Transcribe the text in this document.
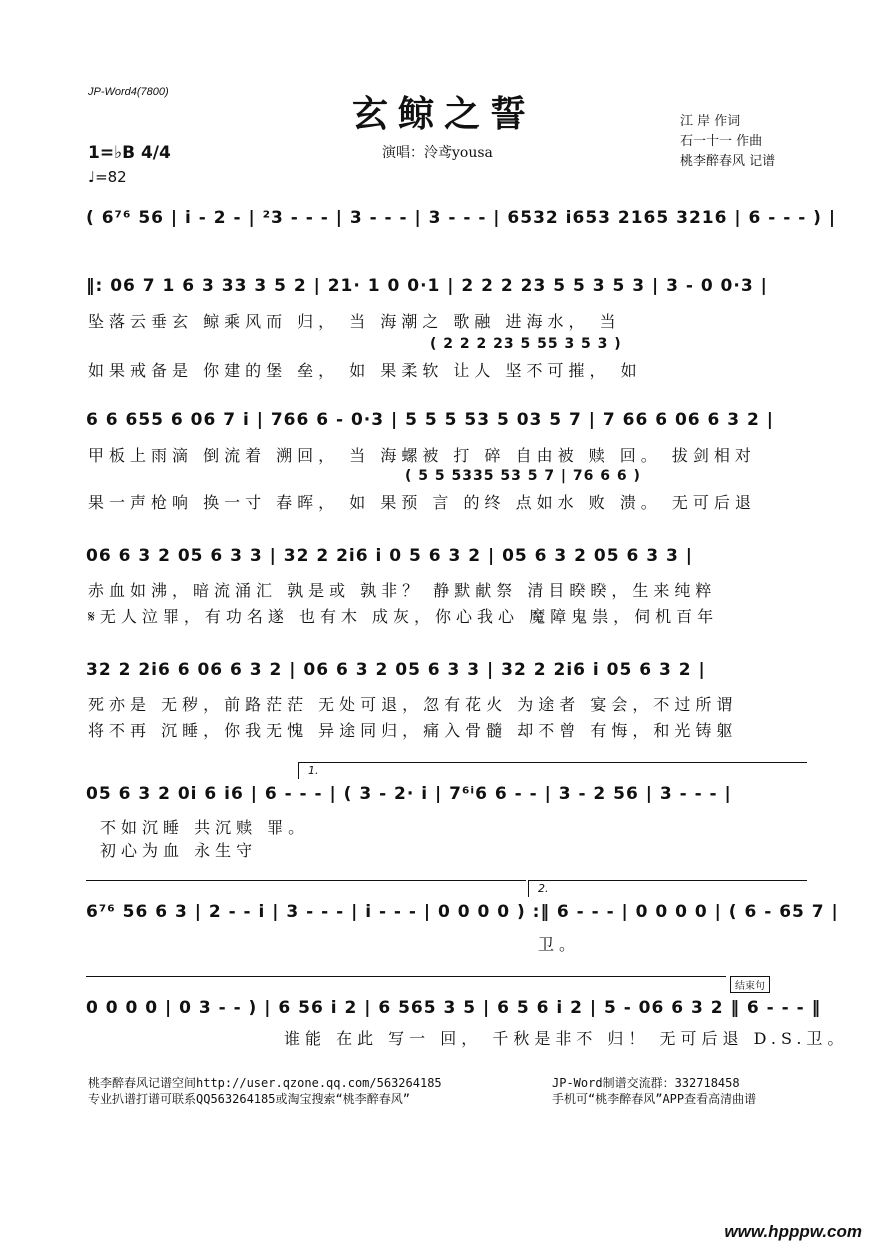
JP-Word4(7800)
玄鲸之誓
演唱：泠鸢yousa
江 岸 作词
石一十一 作曲
桃李醉春风 记谱
1=♭B 4/4
♩=82
( 6⁷⁶ 56 | i - 2 - | ²3 - - - | 3 - - - | 3 - - - | 6532 i653 2165 3216 | 6 - - - ) |
‖: 06 7 1 6 3 33 3 5 2 | 21· 1 0 0·1 | 2 2 2 23 5 5 3 5 3 | 3 - 0 0·3 |
坠落云垂玄 鲸乘风而 归， 当 海潮之 歌融 进海水， 当
( 2 2 2 23 5 55 3 5 3 )
如果戒备是 你建的堡 垒， 如 果柔软 让人 坚不可摧， 如
6 6 655 6 06 7 i | 766 6 - 0·3 | 5 5 5 53 5 03 5 7 | 7 66 6 06 6 3 2 |
甲板上雨滴 倒流着 溯回， 当 海螺被 打 碎 自由被 赎 回。 拔剑相对
( 5 5 5335 53 5 7 | 76 6 6 )
果一声枪响 换一寸 春晖， 如 果预 言 的终 点如水 败 溃。 无可后退
06 6 3 2 05 6 3 3 | 32 2 2i6 i 0 5 6 3 2 | 05 6 3 2 05 6 3 3 |
赤血如沸，暗流涌汇 孰是或 孰非？ 静默献祭 清目睽睽，生来纯粹
𝄋无人泣罪，有功名遂 也有木 成灰，你心我心 魔障鬼祟，伺机百年
32 2 2i6 6 06 6 3 2 | 06 6 3 2 05 6 3 3 | 32 2 2i6 i 05 6 3 2 |
死亦是 无秽，前路茫茫 无处可退，忽有花火 为途者 宴会，不过所谓
将不再 沉睡，你我无愧 异途同归，痛入骨髓 却不曾 有悔，和光铸躯
1.
05 6 3 2 0i 6 i6 | 6 - - - | ( 3 - 2· i | 7⁶ⁱ6 6 - - | 3 - 2 56 | 3 - - - |
不如沉睡 共沉赎 罪。
初心为血 永生守
2.
6⁷⁶ 56 6 3 | 2 - - i | 3 - - - | i - - - | 0 0 0 0 ) :‖ 6 - - - | 0 0 0 0 | ( 6 - 65 7 |
卫。
结束句
0 0 0 0 | 0 3 - - ) | 6 56 i 2 | 6 565 3 5 | 6 5 6 i 2 | 5 - 06 6 3 2 ‖ 6 - - - ‖
谁能 在此 写一 回， 千秋是非不 归！ 无可后退 D.S.卫。
桃李醉春风记谱空间http://user.qzone.qq.com/563264185
专业扒谱打谱可联系QQ563264185或淘宝搜索“桃李醉春风”
JP-Word制谱交流群：332718458
手机可“桃李醉春风”APP查看高清曲谱
www.hpppw.com
